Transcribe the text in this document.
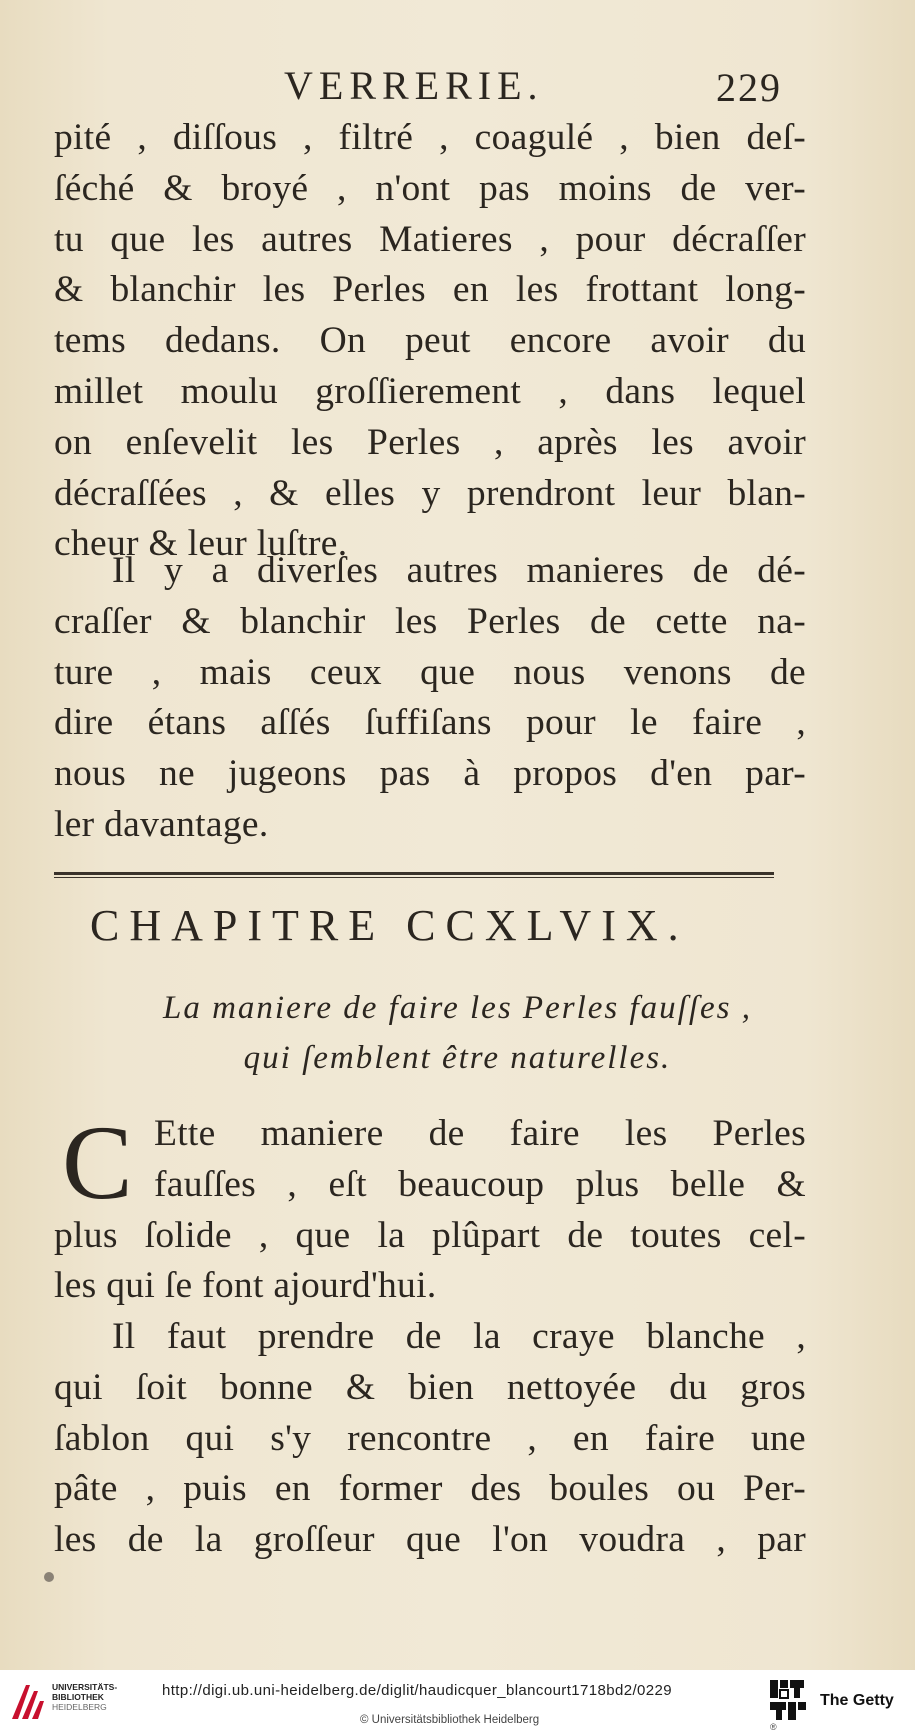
VERRERIE.	229
pité , diſſous , filtré , coagulé , bien deſ-
ſéché & broyé , n'ont pas moins de ver-
tu que les autres Matieres , pour décraſſer
& blanchir les Perles en les frottant long-
tems dedans. On peut encore avoir du
millet moulu groſſierement , dans lequel
on enſevelit les Perles , après les avoir
décraſſées , & elles y prendront leur blan-
cheur & leur luſtre.
Il y a diverſes autres manieres de dé-
craſſer & blanchir les Perles de cette na-
ture , mais ceux que nous venons de
dire étans aſſés ſuffiſans pour le faire ,
nous ne jugeons pas à propos d'en par-
ler davantage.
CHAPITRE CCXLVIX.
La maniere de faire les Perles fauſſes ,
qui ſemblent être naturelles.
C Ette maniere de faire les Perles
fauſſes , eſt beaucoup plus belle &
plus ſolide , que la plûpart de toutes cel-
les qui ſe font ajourd'hui.
Il faut prendre de la craye blanche ,
qui ſoit bonne & bien nettoyée du gros
ſablon qui s'y rencontre , en faire une
pâte , puis en former des boules ou Per-
les de la groſſeur que l'on voudra , par
UNIVERSITÄTS-
BIBLIOTHEK
HEIDELBERG
http://digi.ub.uni-heidelberg.de/diglit/haudicquer_blancourt1718bd2/0229
© Universitätsbibliothek Heidelberg
®
The Getty
